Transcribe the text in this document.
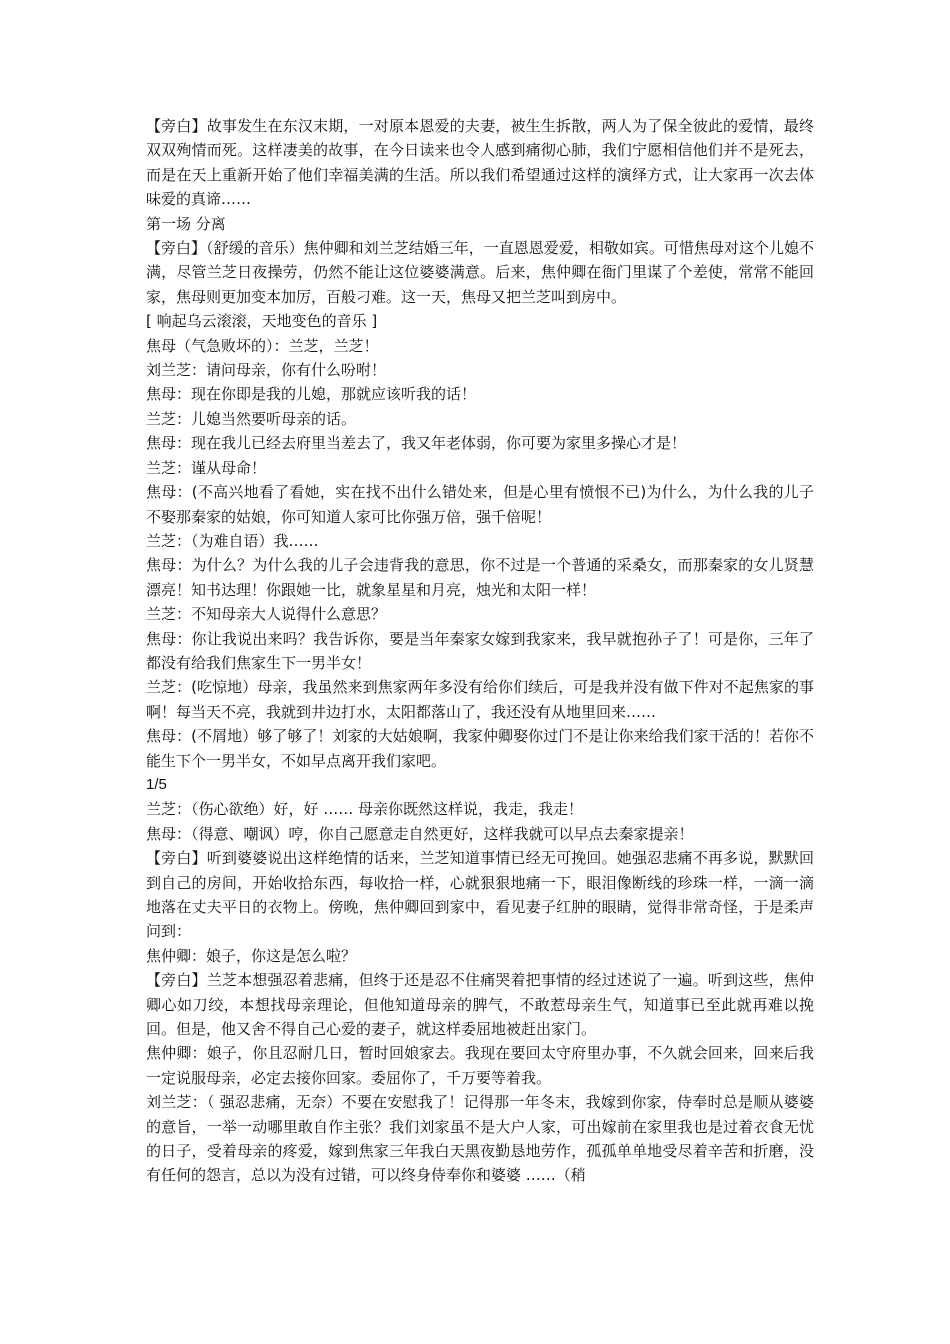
【旁白】故事发生在东汉末期，一对原本恩爱的夫妻，被生生拆散，两人为了保全彼此的爱情，最终双双殉情而死。这样凄美的故事，在今日读来也令人感到痛彻心肺，我们宁愿相信他们并不是死去，而是在天上重新开始了他们幸福美满的生活。所以我们希望通过这样的演绎方式，让大家再一次去体味爱的真谛……

第一场 分离

【旁白】（舒缓的音乐）焦仲卿和刘兰芝结婚三年，一直恩恩爱爱，相敬如宾。可惜焦母对这个儿媳不满，尽管兰芝日夜操劳，仍然不能让这位婆婆满意。后来，焦仲卿在衙门里谋了个差使，常常不能回家，焦母则更加变本加厉，百般刁难。这一天，焦母又把兰芝叫到房中。

[ 响起乌云滚滚，天地变色的音乐 ]

焦母（气急败坏的）：兰芝，兰芝！

刘兰芝：请问母亲，你有什么吩咐！

焦母：现在你即是我的儿媳，那就应该听我的话！

兰芝：儿媳当然要听母亲的话。

焦母：现在我儿已经去府里当差去了，我又年老体弱，你可要为家里多操心才是！

兰芝：谨从母命！

焦母：(不高兴地看了看她，实在找不出什么错处来，但是心里有愤恨不已)为什么，为什么我的儿子不娶那秦家的姑娘，你可知道人家可比你强万倍，强千倍呢！

兰芝：（为难自语）我……

焦母：为什么？为什么我的儿子会违背我的意思，你不过是一个普通的采桑女，而那秦家的女儿贤慧漂亮！知书达理！你跟她一比，就象星星和月亮，烛光和太阳一样！

兰芝：不知母亲大人说得什么意思？

焦母：你让我说出来吗？我告诉你，要是当年秦家女嫁到我家来，我早就抱孙子了！可是你，三年了都没有给我们焦家生下一男半女！

兰芝：(吃惊地）母亲，我虽然来到焦家两年多没有给你们续后，可是我并没有做下件对不起焦家的事啊！每当天不亮，我就到井边打水，太阳都落山了，我还没有从地里回来……

焦母：(不屑地）够了够了！刘家的大姑娘啊，我家仲卿娶你过门不是让你来给我们家干活的！若你不能生下个一男半女，不如早点离开我们家吧。

1/5

兰芝：（伤心欲绝）好，好 …… 母亲你既然这样说，我走，我走！

焦母：（得意、嘲讽）哼，你自己愿意走自然更好，这样我就可以早点去秦家提亲！

【旁白】听到婆婆说出这样绝情的话来，兰芝知道事情已经无可挽回。她强忍悲痛不再多说，默默回到自己的房间，开始收拾东西，每收拾一样，心就狠狠地痛一下，眼泪像断线的珍珠一样，一滴一滴地落在丈夫平日的衣物上。傍晚，焦仲卿回到家中，看见妻子红肿的眼睛，觉得非常奇怪，于是柔声问到：

焦仲卿：娘子，你这是怎么啦？

【旁白】兰芝本想强忍着悲痛，但终于还是忍不住痛哭着把事情的经过述说了一遍。听到这些，焦仲卿心如刀绞，本想找母亲理论，但他知道母亲的脾气，不敢惹母亲生气，知道事已至此就再难以挽回。但是，他又舍不得自己心爱的妻子，就这样委屈地被赶出家门。

焦仲卿：娘子，你且忍耐几日，暂时回娘家去。我现在要回太守府里办事，不久就会回来，回来后我一定说服母亲，必定去接你回家。委屈你了，千万要等着我。

刘兰芝：（ 强忍悲痛，无奈）不要在安慰我了！记得那一年冬末，我嫁到你家，侍奉时总是顺从婆婆的意旨，一举一动哪里敢自作主张？我们刘家虽不是大户人家，可出嫁前在家里我也是过着衣食无忧的日子，受着母亲的疼爱，嫁到焦家三年我白天黑夜勤恳地劳作，孤孤单单地受尽着辛苦和折磨，没有任何的怨言，总以为没有过错，可以终身侍奉你和婆婆 ……（稍
